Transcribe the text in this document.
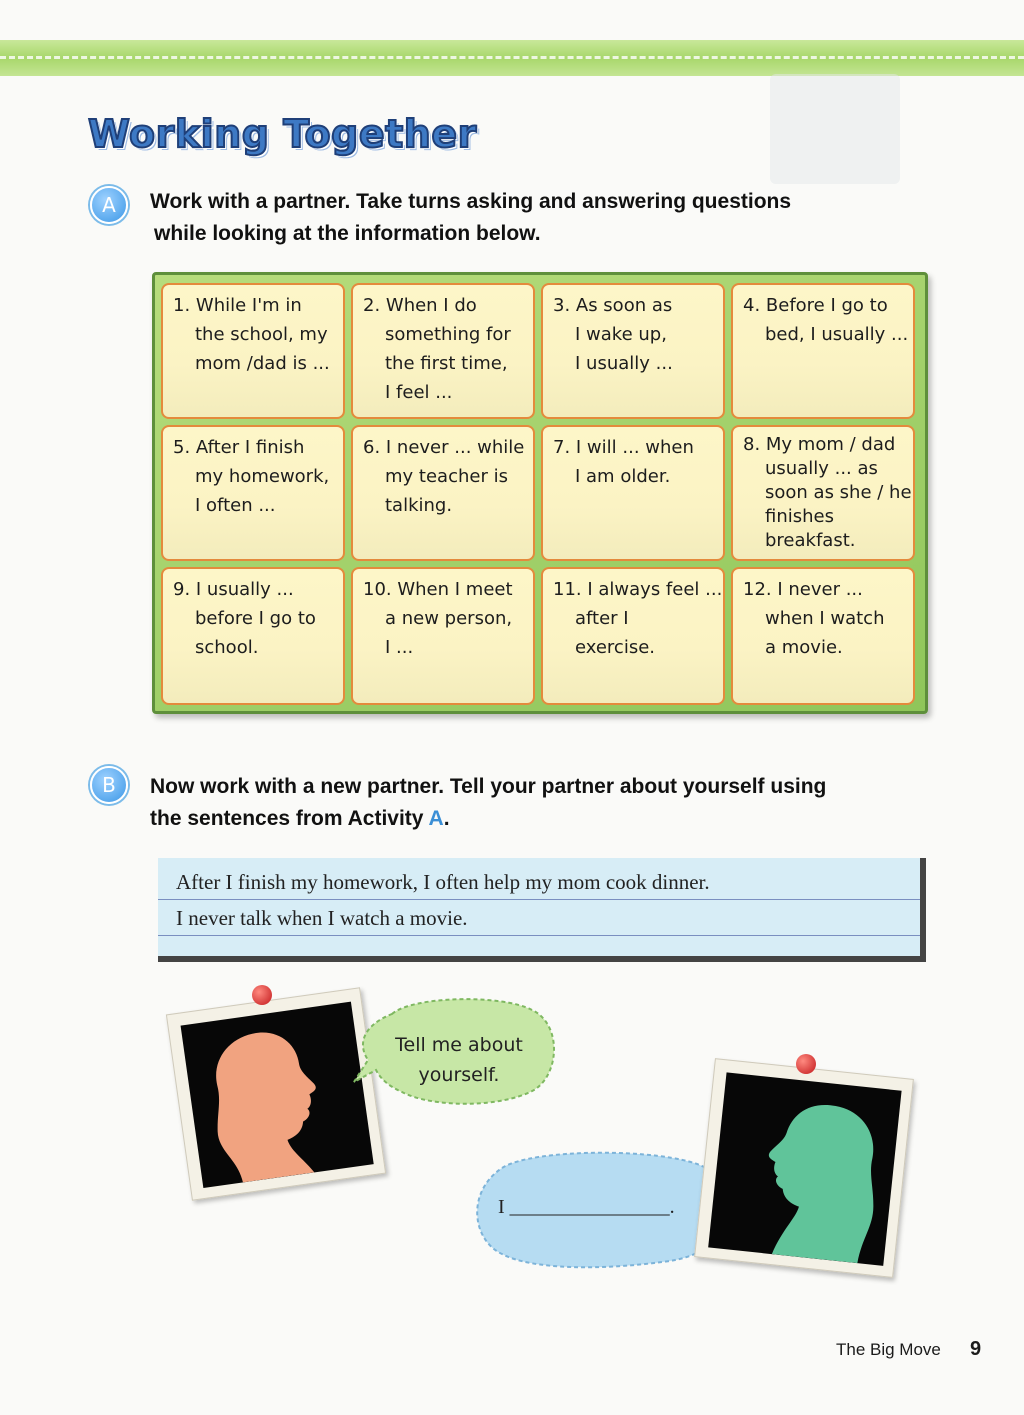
Working Together
A	Work with a partner. Take turns asking and answering questions
while looking at the information below.
1. While I'm in
the school, my
mom /dad is ...
2. When I do
something for
the first time,
I feel ...
3. As soon as
I wake up,
I usually ...
4. Before I go to
bed, I usually ...
5. After I finish
my homework,
I often ...
6. I never ... while
my teacher is
talking.
7. I will ... when
I am older.
8. My mom / dad
usually ... as
soon as she / he
finishes
breakfast.
9. I usually ...
before I go to
school.
10. When I meet
a new person,
I ...
11. I always feel ...
after I
exercise.
12. I never ...
when I watch
a movie.
B	Now work with a new partner. Tell your partner about yourself using
the sentences from Activity A.
After I finish my homework, I often help my mom cook dinner.
I never talk when I watch a movie.
Tell me about
yourself.
I ________________.
The Big Move 9
